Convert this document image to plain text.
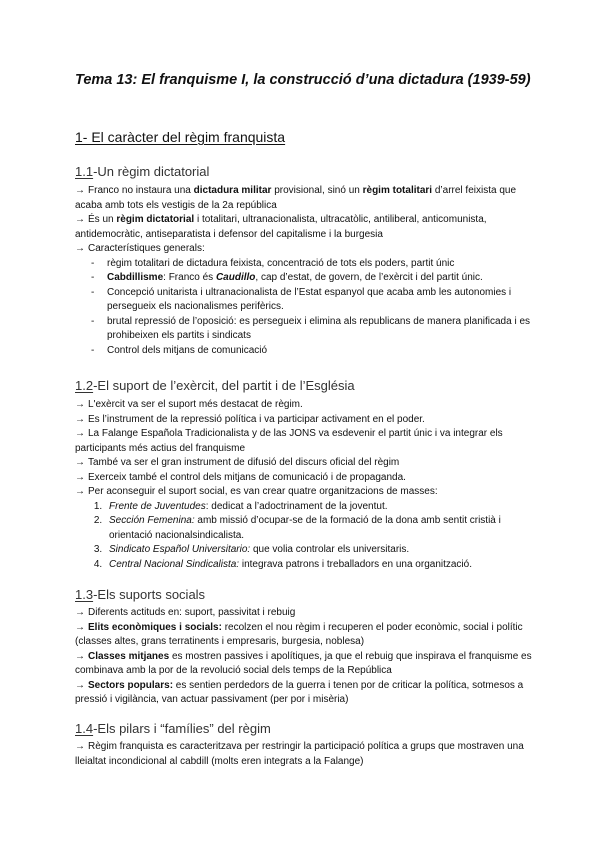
Tema 13: El franquisme I, la construcció d’una dictadura (1939-59)
1- El caràcter del règim franquista
1.1-Un règim dictatorial

→ Franco no instaura una dictadura militar provisional, sinó un règim totalitari d’arrel feixista que acaba amb tots els vestigis de la 2a república

→ És un règim dictatorial i totalitari, ultranacionalista, ultracatòlic, antiliberal, anticomunista, antidemocràtic, antiseparatista i defensor del capitalisme i la burgesia

→ Característiques generals:

- règim totalitari de dictadura feixista, concentració de tots els poders, partit únic
- Cabdillisme: Franco és Caudillo, cap d’estat, de govern, de l’exèrcit i del partit únic.
- Concepció unitarista i ultranacionalista de l’Estat espanyol que acaba amb les autonomies i persegueix els nacionalismes perifèrics.
- brutal repressió de l’oposició: es persegueix i elimina als republicans de manera planificada i es prohibeixen els partits i sindicats
- Control dels mitjans de comunicació
1.2-El suport de l’exèrcit, del partit i de l’Església

→ L'exèrcit va ser el suport més destacat de règim.

→ Es l’instrument de la repressió política i va participar activament en el poder.

→ La Falange Española Tradicionalista y de las JONS va esdevenir el partit únic i va integrar els participants més actius del franquisme

→ També va ser el gran instrument de difusió del discurs oficial del règim

→ Exerceix també el control dels mitjans de comunicació i de propaganda.

→ Per aconseguir el suport social, es van crear quatre organitzacions de masses:

1. Frente de Juventudes: dedicat a l’adoctrinament de la joventut.
2. Sección Femenina: amb missió d’ocupar-se de la formació de la dona amb sentit cristià i orientació nacionalsindicalista.
3. Sindicato Español Universitario: que volia controlar els universitaris.
4. Central Nacional Sindicalista: integrava patrons i treballadors en una organització.
1.3-Els suports socials

→ Diferents actituds en: suport, passivitat i rebuig

→ Elits econòmiques i socials: recolzen el nou règim i recuperen el poder econòmic, social i polític (classes altes, grans terratinents i empresaris, burgesia, noblesa)

→ Classes mitjanes es mostren passives i apolítiques, ja que el rebuig que inspirava el franquisme es combinava amb la por de la revolució social dels temps de la República

→ Sectors populars: es sentien perdedors de la guerra i tenen por de criticar la política, sotmesos a pressió i vigilància, van actuar passivament (per por i misèria)

1.4-Els pilars i “famílies” del règim

→ Règim franquista es caracteritzava per restringir la participació política a grups que mostraven una lleialtat incondicional al cabdill (molts eren integrats a la Falange)
